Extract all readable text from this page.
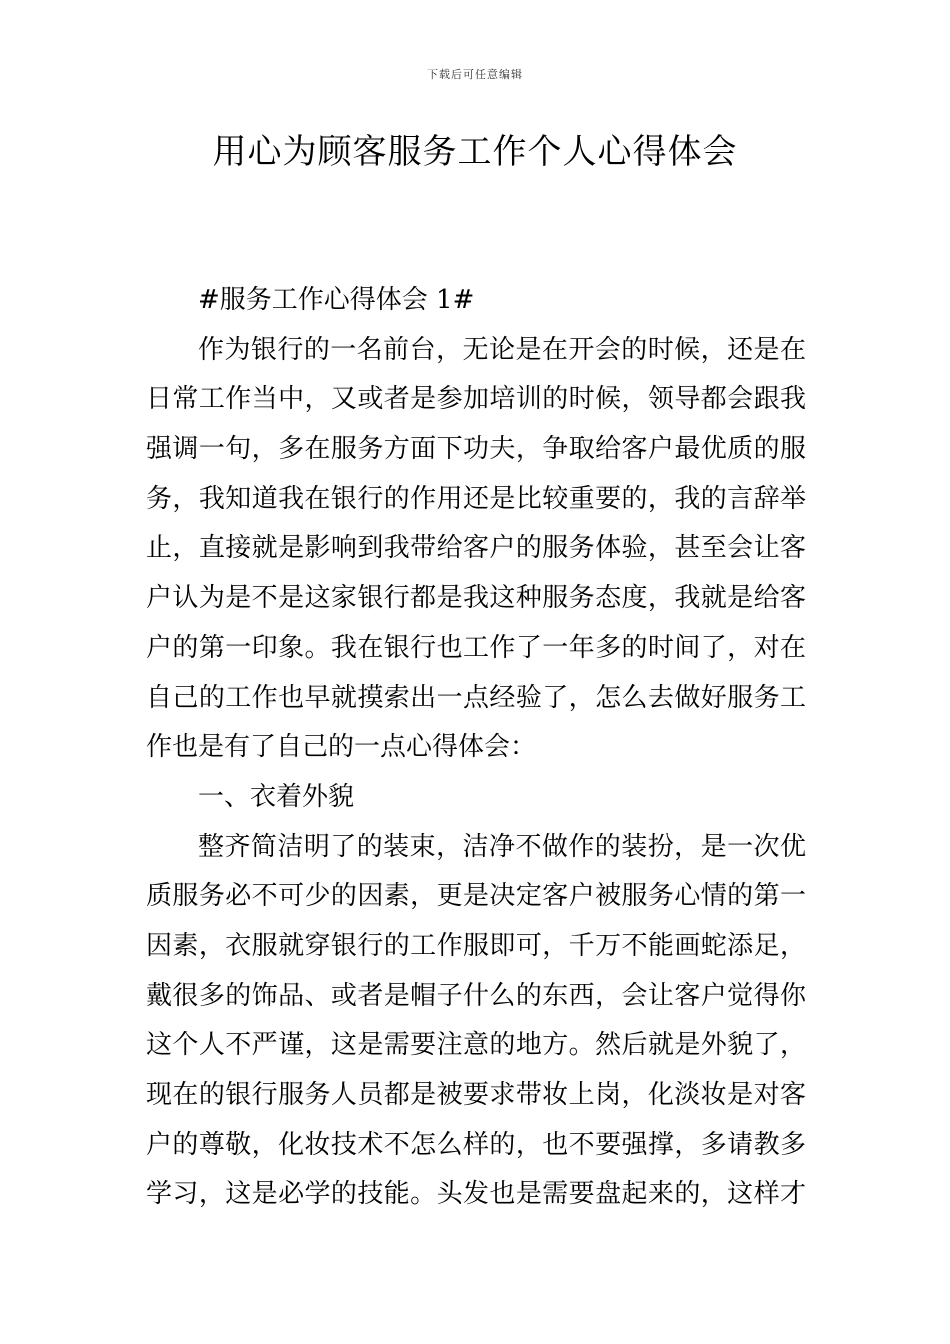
下载后可任意编辑
用心为顾客服务工作个人心得体会
#服务工作心得体会 1#
作为银行的一名前台，无论是在开会的时候，还是在
日常工作当中，又或者是参加培训的时候，领导都会跟我
强调一句，多在服务方面下功夫，争取给客户最优质的服
务，我知道我在银行的作用还是比较重要的，我的言辞举
止，直接就是影响到我带给客户的服务体验，甚至会让客
户认为是不是这家银行都是我这种服务态度，我就是给客
户的第一印象。我在银行也工作了一年多的时间了，对在
自己的工作也早就摸索出一点经验了，怎么去做好服务工
作也是有了自己的一点心得体会：
一、衣着外貌
整齐简洁明了的装束，洁净不做作的装扮，是一次优
质服务必不可少的因素，更是决定客户被服务心情的第一
因素，衣服就穿银行的工作服即可，千万不能画蛇添足，
戴很多的饰品、或者是帽子什么的东西，会让客户觉得你
这个人不严谨，这是需要注意的地方。然后就是外貌了，
现在的银行服务人员都是被要求带妆上岗，化淡妆是对客
户的尊敬，化妆技术不怎么样的，也不要强撑，多请教多
学习，这是必学的技能。头发也是需要盘起来的，这样才
